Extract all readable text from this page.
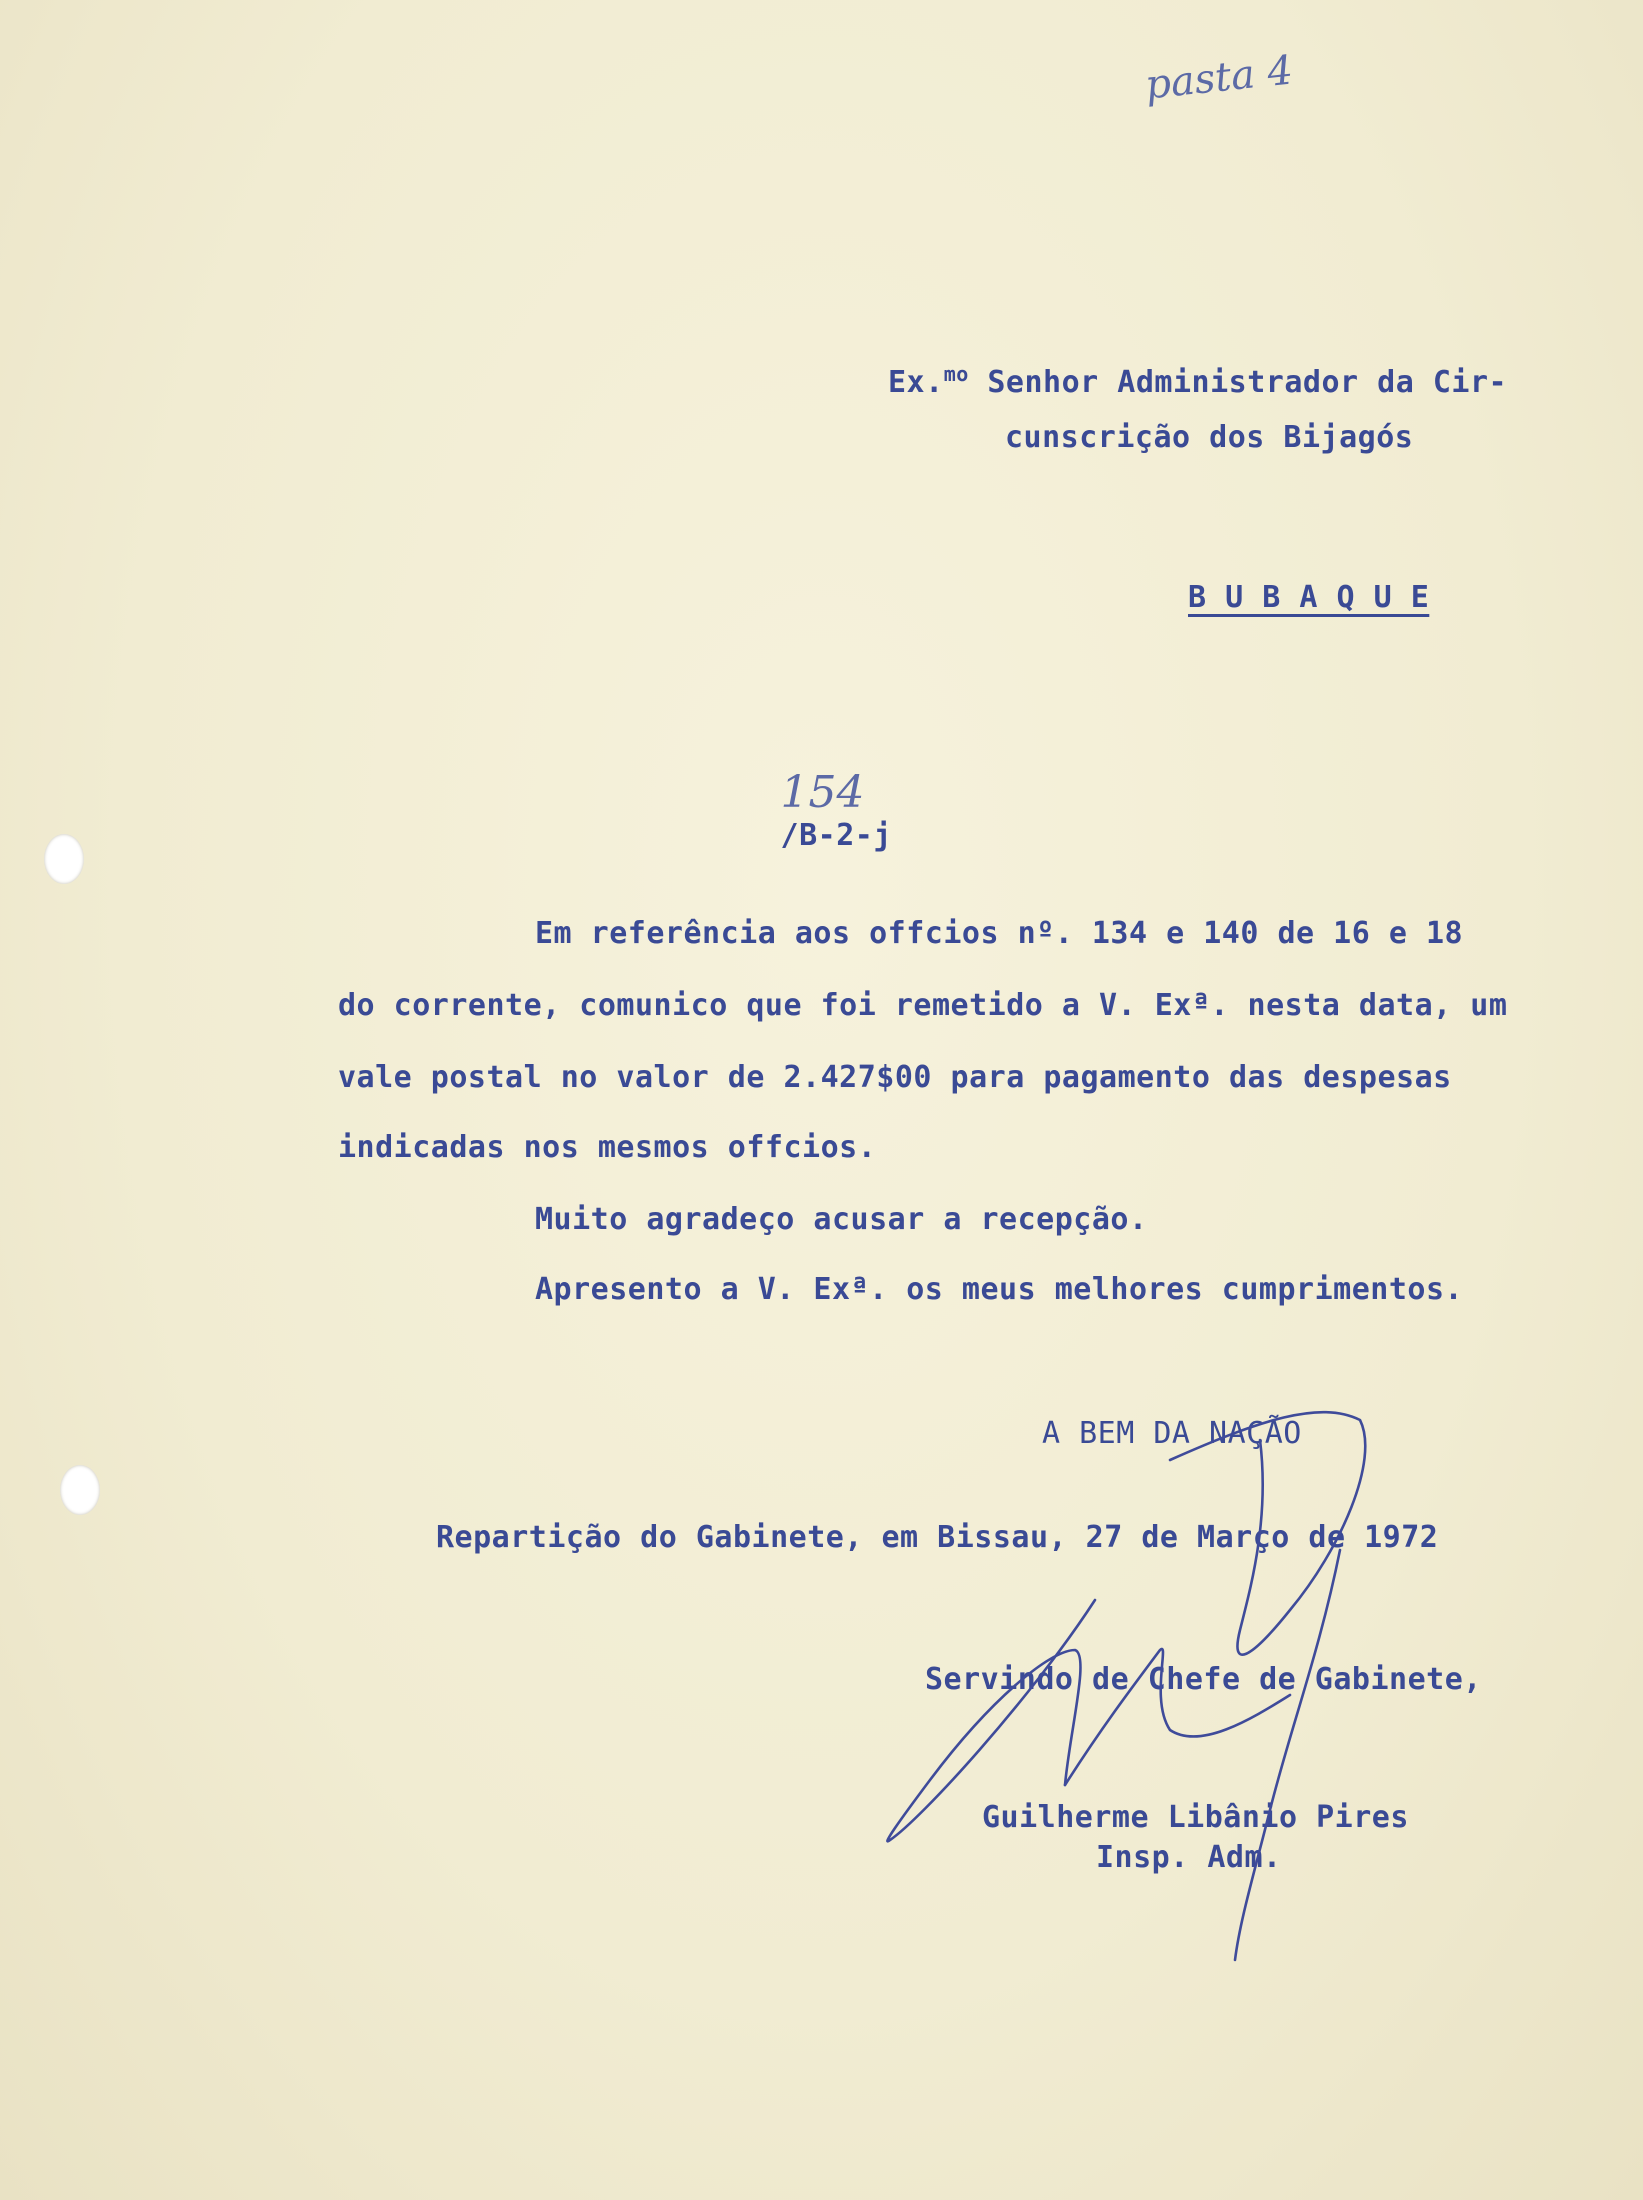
pasta 4
Ex.$^{mo}$ Senhor Administrador da Cir-
cunscrição dos Bijagós
B U B A Q U E

154
/B-2-j

Em referência aos offcios nº. 134 e 140 de 16 e 18
do corrente, comunico que foi remetido a V. Exª. nesta data, um
vale postal no valor de 2.427$00 para pagamento das despesas
indicadas nos mesmos offcios.
Muito agradeço acusar a recepção.
Apresento a V. Exª. os meus melhores cumprimentos.
A BEM DA NAÇÃO
Repartição do Gabinete, em Bissau, 27 de Março de 1972
Servindo de Chefe de Gabinete,
Guilherme Libânio Pires
Insp. Adm.
